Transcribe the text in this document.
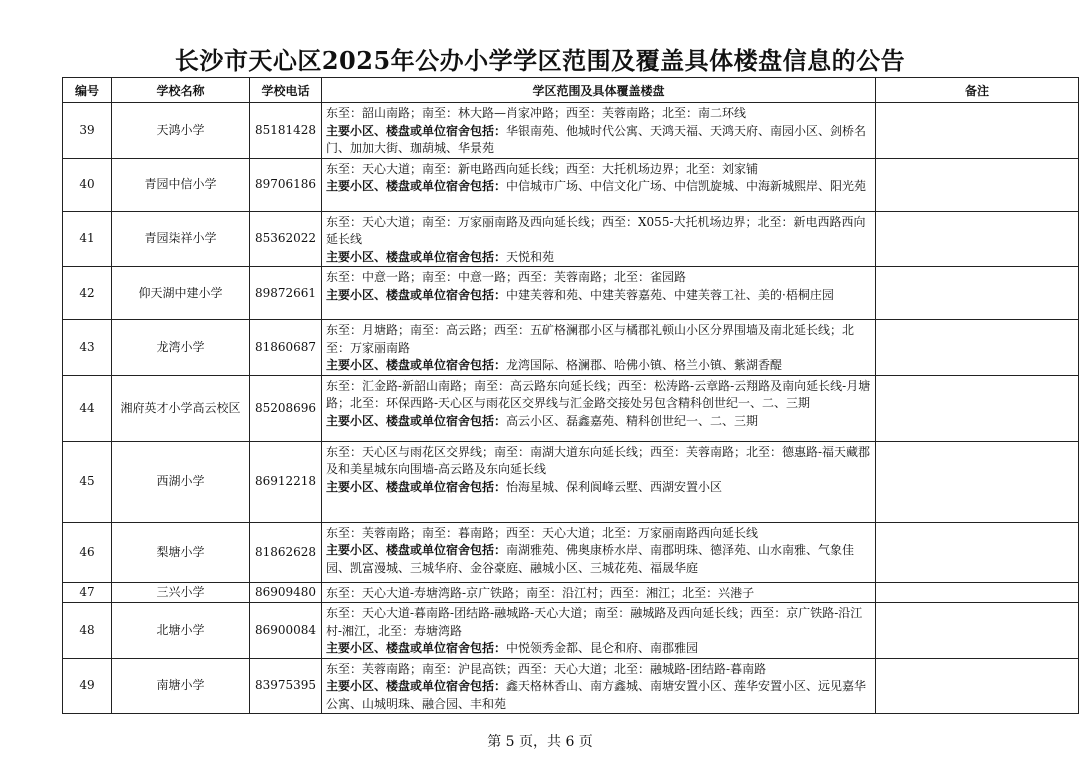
长沙市天心区2025年公办小学学区范围及覆盖具体楼盘信息的公告
编号	学校名称	学校电话	学区范围及具体覆盖楼盘	备注
39	天鸿小学	85181428	东至：韶山南路；南至：林大路—肖家冲路；西至：芙蓉南路；北至：南二环线
主要小区、楼盘或单位宿舍包括：华银南苑、他城时代公寓、天鸿天福、天鸿天府、南园小区、剑桥名门、加加大街、珈葫城、华景苑	

40	青园中信小学	89706186	东至：天心大道；南至：新电路西向延长线；西至：大托机场边界；北至：刘家铺
主要小区、楼盘或单位宿舍包括：中信城市广场、中信文化广场、中信凯旋城、中海新城熙岸、阳光苑	

41	青园柒祥小学	85362022	东至：天心大道；南至：万家丽南路及西向延长线；西至：X055-大托机场边界；北至：新电西路西向延长线
主要小区、楼盘或单位宿舍包括：天悦和苑	

42	仰天湖中建小学	89872661	东至：中意一路；南至：中意一路；西至：芙蓉南路；北至：雀园路
主要小区、楼盘或单位宿舍包括：中建芙蓉和苑、中建芙蓉嘉苑、中建芙蓉工社、美的·梧桐庄园	

43	龙湾小学	81860687	东至：月塘路；南至：高云路；西至：五矿格澜郡小区与橘郡礼顿山小区分界围墙及南北延长线；北至：万家丽南路
主要小区、楼盘或单位宿舍包括：龙湾国际、格澜郡、哈佛小镇、格兰小镇、紫湖香醍	

44	湘府英才小学高云校区	85208696	东至：汇金路-新韶山南路；南至：高云路东向延长线；西至：松涛路-云章路-云翔路及南向延长线-月塘路；北至：环保西路-天心区与雨花区交界线与汇金路交接处另包含精科创世纪一、二、三期
主要小区、楼盘或单位宿舍包括：高云小区、磊鑫嘉苑、精科创世纪一、二、三期	

45	西湖小学	86912218	东至：天心区与雨花区交界线；南至：南湖大道东向延长线；西至：芙蓉南路；北至：德惠路-福天藏郡及和美星城东向围墙-高云路及东向延长线
主要小区、楼盘或单位宿舍包括：怡海星城、保利阆峰云墅、西湖安置小区	

46	梨塘小学	81862628	东至：芙蓉南路；南至：暮南路；西至：天心大道；北至：万家丽南路西向延长线
主要小区、楼盘或单位宿舍包括：南湖雅苑、佛奥康桥水岸、南郡明珠、德泽苑、山水南雅、气象佳园、凯富漫城、三城华府、金谷豪庭、融城小区、三城花苑、福晟华庭	

47	三兴小学	86909480	东至：天心大道-寿塘湾路-京广铁路；南至：沿江村；西至：湘江；北至：兴港子	

48	北塘小学	86900084	东至：天心大道-暮南路-团结路-融城路-天心大道；南至：融城路及西向延长线；西至：京广铁路-沿江村-湘江，北至：寿塘湾路
主要小区、楼盘或单位宿舍包括：中悦领秀金都、昆仑和府、南郡雅园	

49	南塘小学	83975395	东至：芙蓉南路；南至：沪昆高铁；西至：天心大道；北至：融城路-团结路-暮南路
主要小区、楼盘或单位宿舍包括：鑫天格林香山、南方鑫城、南塘安置小区、莲华安置小区、远见嘉华公寓、山城明珠、融合园、丰和苑	

第 5 页，共 6 页
